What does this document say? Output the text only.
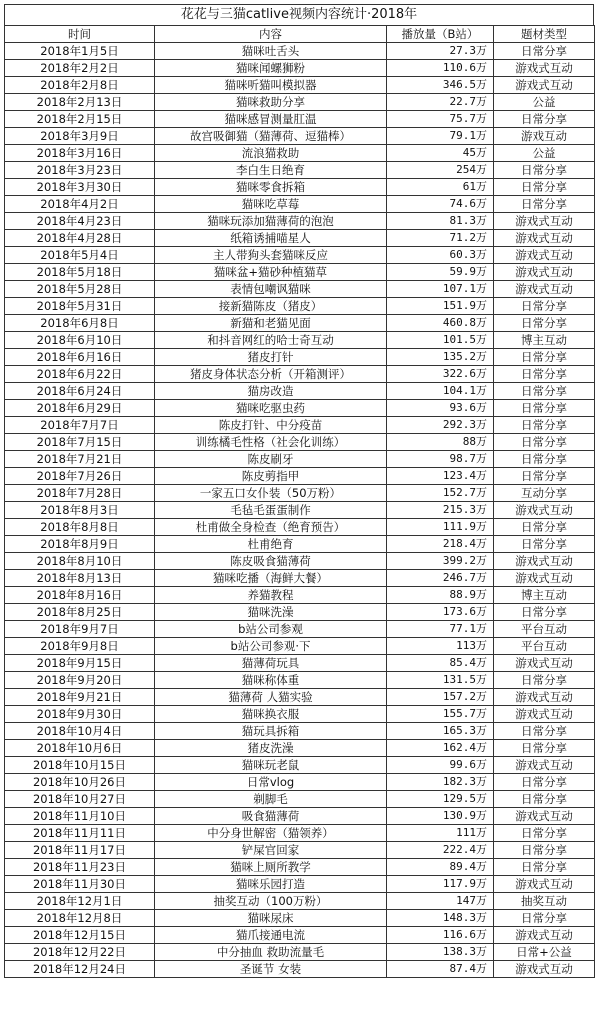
花花与三猫catlive视频内容统计·2018年
时间	内容	播放量（B站）	题材类型
2018年1月5日	猫咪吐舌头	27.3万	日常分享
2018年2月2日	猫咪闻螺狮粉	110.6万	游戏式互动
2018年2月8日	猫咪听猫叫模拟器	346.5万	游戏式互动
2018年2月13日	猫咪救助分享	22.7万	公益
2018年2月15日	猫咪感冒测量肛温	75.7万	日常分享
2018年3月9日	故宫吸御猫（猫薄荷、逗猫棒）	79.1万	游戏互动
2018年3月16日	流浪猫救助	45万	公益
2018年3月23日	李白生日绝育	254万	日常分享
2018年3月30日	猫咪零食拆箱	61万	日常分享
2018年4月2日	猫咪吃草莓	74.6万	日常分享
2018年4月23日	猫咪玩添加猫薄荷的泡泡	81.3万	游戏式互动
2018年4月28日	纸箱诱捕喵星人	71.2万	游戏式互动
2018年5月4日	主人带狗头套猫咪反应	60.3万	游戏式互动
2018年5月18日	猫咪盆+猫砂种植猫草	59.9万	游戏式互动
2018年5月28日	表情包嘲讽猫咪	107.1万	游戏式互动
2018年5月31日	接新猫陈皮（猪皮）	151.9万	日常分享
2018年6月8日	新猫和老猫见面	460.8万	日常分享
2018年6月10日	和抖音网红的哈士奇互动	101.5万	博主互动
2018年6月16日	猪皮打针	135.2万	日常分享
2018年6月22日	猪皮身体状态分析（开箱测评）	322.6万	日常分享
2018年6月24日	猫房改造	104.1万	日常分享
2018年6月29日	猫咪吃驱虫药	93.6万	日常分享
2018年7月7日	陈皮打针、中分疫苗	292.3万	日常分享
2018年7月15日	训练橘毛性格（社会化训练）	88万	日常分享
2018年7月21日	陈皮刷牙	98.7万	日常分享
2018年7月26日	陈皮剪指甲	123.4万	日常分享
2018年7月28日	一家五口女仆装（50万粉）	152.7万	互动分享
2018年8月3日	毛毡毛蛋蛋制作	215.3万	游戏式互动
2018年8月8日	杜甫做全身检查（绝育预告）	111.9万	日常分享
2018年8月9日	杜甫绝育	218.4万	日常分享
2018年8月10日	陈皮吸食猫薄荷	399.2万	游戏式互动
2018年8月13日	猫咪吃播（海鲜大餐）	246.7万	游戏式互动
2018年8月16日	养猫教程	88.9万	博主互动
2018年8月25日	猫咪洗澡	173.6万	日常分享
2018年9月7日	b站公司参观	77.1万	平台互动
2018年9月8日	b站公司参观·下	113万	平台互动
2018年9月15日	猫薄荷玩具	85.4万	游戏式互动
2018年9月20日	猫咪称体重	131.5万	日常分享
2018年9月21日	猫薄荷 人猫实验	157.2万	游戏式互动
2018年9月30日	猫咪换衣服	155.7万	游戏式互动
2018年10月4日	猫玩具拆箱	165.3万	日常分享
2018年10月6日	猪皮洗澡	162.4万	日常分享
2018年10月15日	猫咪玩老鼠	99.6万	游戏式互动
2018年10月26日	日常vlog	182.3万	日常分享
2018年10月27日	剃脚毛	129.5万	日常分享
2018年11月10日	吸食猫薄荷	130.9万	游戏式互动
2018年11月11日	中分身世解密（猫领养）	111万	日常分享
2018年11月17日	铲屎官回家	222.4万	日常分享
2018年11月23日	猫咪上厕所教学	89.4万	日常分享
2018年11月30日	猫咪乐园打造	117.9万	游戏式互动
2018年12月1日	抽奖互动（100万粉）	147万	抽奖互动
2018年12月8日	猫咪尿床	148.3万	日常分享
2018年12月15日	猫爪接通电流	116.6万	游戏式互动
2018年12月22日	中分抽血 救助流量毛	138.3万	日常+公益
2018年12月24日	圣诞节 女装	87.4万	游戏式互动
